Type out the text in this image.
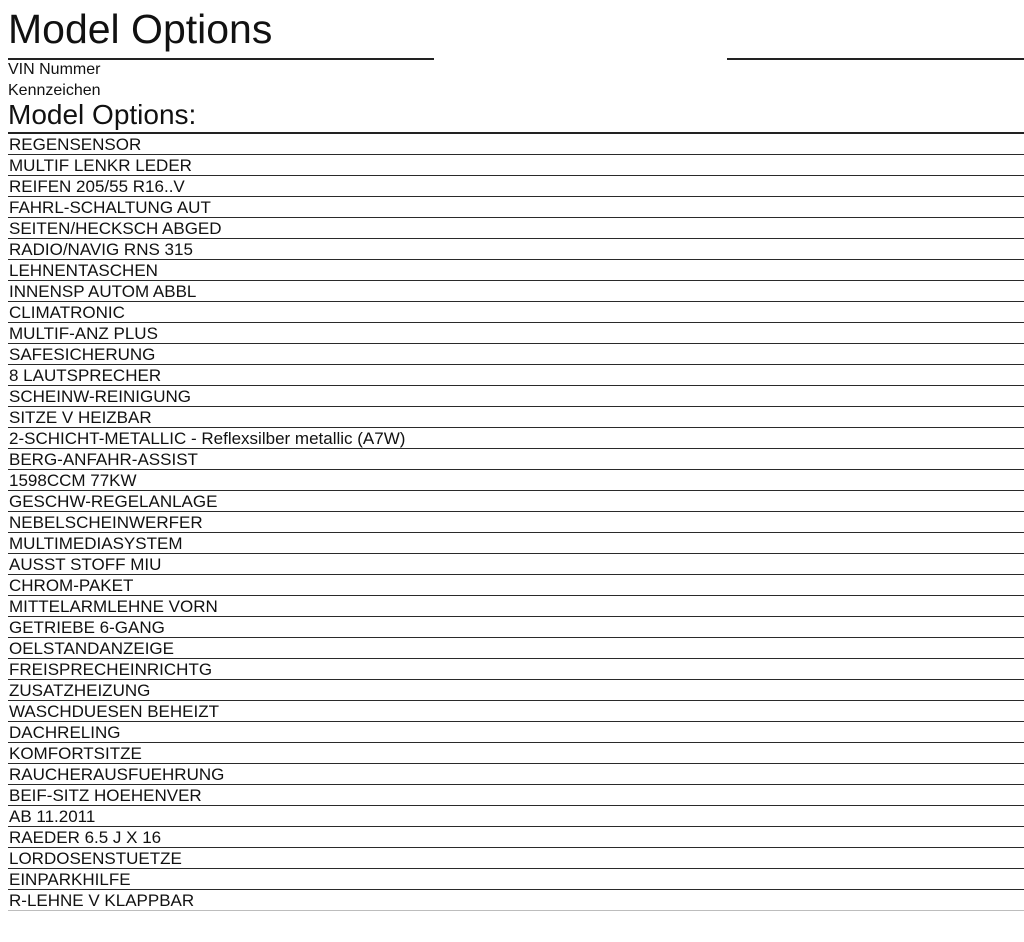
Model Options
VIN Nummer
Kennzeichen
Model Options:
REGENSENSOR
MULTIF LENKR LEDER
REIFEN 205/55 R16..V
FAHRL-SCHALTUNG AUT
SEITEN/HECKSCH ABGED
RADIO/NAVIG RNS 315
LEHNENTASCHEN
INNENSP AUTOM ABBL
CLIMATRONIC
MULTIF-ANZ PLUS
SAFESICHERUNG
8 LAUTSPRECHER
SCHEINW-REINIGUNG
SITZE V HEIZBAR
2-SCHICHT-METALLIC - Reflexsilber metallic (A7W)
BERG-ANFAHR-ASSIST
1598CCM 77KW
GESCHW-REGELANLAGE
NEBELSCHEINWERFER
MULTIMEDIASYSTEM
AUSST STOFF MIU
CHROM-PAKET
MITTELARMLEHNE VORN
GETRIEBE 6-GANG
OELSTANDANZEIGE
FREISPRECHEINRICHTG
ZUSATZHEIZUNG
WASCHDUESEN BEHEIZT
DACHRELING
KOMFORTSITZE
RAUCHERAUSFUEHRUNG
BEIF-SITZ HOEHENVER
AB 11.2011
RAEDER 6.5 J X 16
LORDOSENSTUETZE
EINPARKHILFE
R-LEHNE V KLAPPBAR
